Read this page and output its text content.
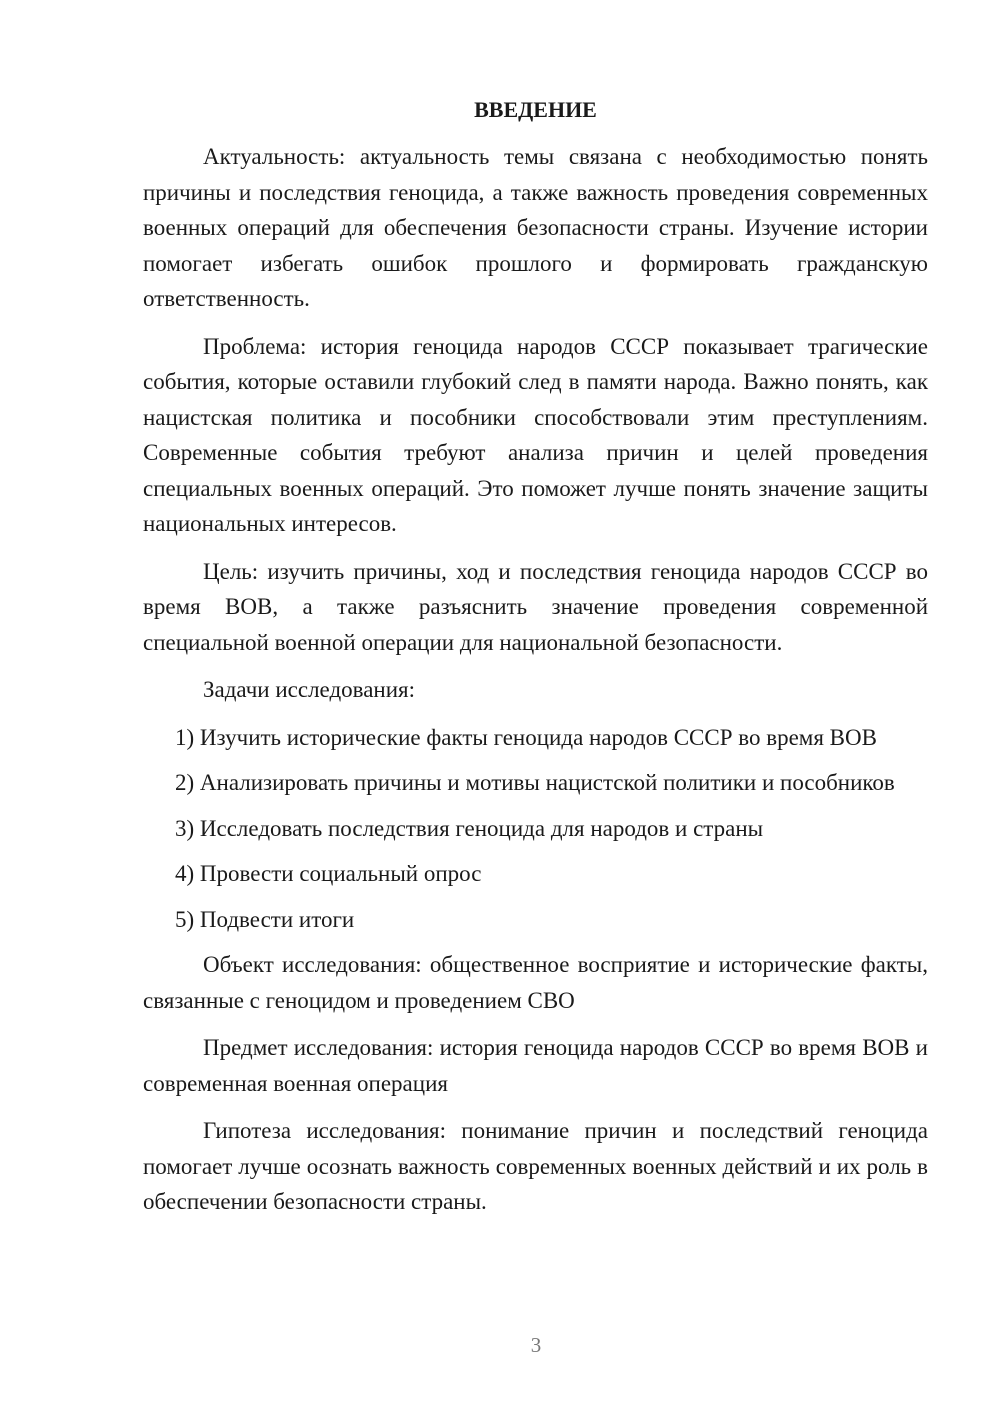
ВВЕДЕНИЕ

Актуальность: актуальность темы связана с необходимостью понять причины и последствия геноцида, а также важность проведения современных военных операций для обеспечения безопасности страны. Изучение истории помогает избегать ошибок прошлого и формировать гражданскую ответственность.

Проблема: история геноцида народов СССР показывает трагические события, которые оставили глубокий след в памяти народа. Важно понять, как нацистская политика и пособники способствовали этим преступлениям. Современные события требуют анализа причин и целей проведения специальных военных операций. Это поможет лучше понять значение защиты национальных интересов.

Цель: изучить причины, ход и последствия геноцида народов СССР во время ВОВ, а также разъяснить значение проведения современной специальной военной операции для национальной безопасности.

Задачи исследования:

1) Изучить исторические факты геноцида народов СССР во время ВОВ

2) Анализировать причины и мотивы нацистской политики и пособников

3) Исследовать последствия геноцида для народов и страны

4) Провести социальный опрос

5) Подвести итоги

Объект исследования: общественное восприятие и исторические факты, связанные с геноцидом и проведением СВО

Предмет исследования: история геноцида народов СССР во время ВОВ и современная военная операция

Гипотеза исследования: понимание причин и последствий геноцида помогает лучше осознать важность современных военных действий и их роль в обеспечении безопасности страны.

3
